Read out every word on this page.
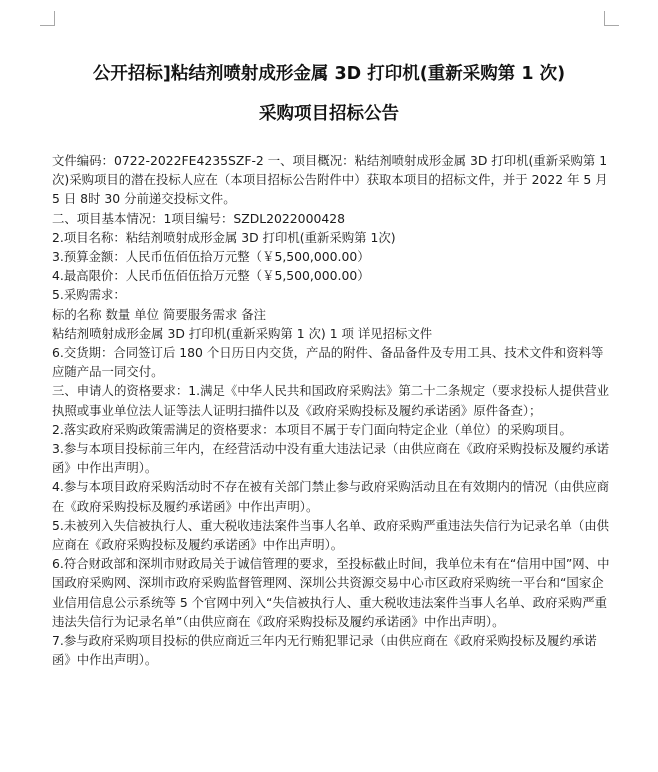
公开招标]粘结剂喷射成形金属 3D 打印机(重新采购第 1 次)
采购项目招标公告

文件编码：0722-2022FE4235SZF-2 一、项目概况：粘结剂喷射成形金属 3D 打印机(重新采购第 1 次)采购项目的潜在投标人应在（本项目招标公告附件中）获取本项目的招标文件，并于 2022 年 5 月 5 日 8时 30 分前递交投标文件。

二、项目基本情况：1项目编号：SZDL2022000428

2.项目名称：粘结剂喷射成形金属 3D 打印机(重新采购第 1次)

3.预算金额：人民币伍佰伍拾万元整（￥5,500,000.00）

4.最高限价：人民币伍佰伍拾万元整（￥5,500,000.00）

5.采购需求：

标的名称 数量 单位 简要服务需求 备注

粘结剂喷射成形金属 3D 打印机(重新采购第 1 次) 1 项 详见招标文件

6.交货期：合同签订后 180 个日历日内交货，产品的附件、备品备件及专用工具、技术文件和资料等应随产品一同交付。

三、申请人的资格要求：1.满足《中华人民共和国政府采购法》第二十二条规定（要求投标人提供营业执照或事业单位法人证等法人证明扫描件以及《政府采购投标及履约承诺函》原件备查）；

2.落实政府采购政策需满足的资格要求：本项目不属于专门面向特定企业（单位）的采购项目。

3.参与本项目投标前三年内，在经营活动中没有重大违法记录（由供应商在《政府采购投标及履约承诺函》中作出声明）。

4.参与本项目政府采购活动时不存在被有关部门禁止参与政府采购活动且在有效期内的情况（由供应商在《政府采购投标及履约承诺函》中作出声明）。

5.未被列入失信被执行人、重大税收违法案件当事人名单、政府采购严重违法失信行为记录名单（由供应商在《政府采购投标及履约承诺函》中作出声明）。

6.符合财政部和深圳市财政局关于诚信管理的要求，至投标截止时间，我单位未有在“信用中国”网、中国政府采购网、深圳市政府采购监督管理网、深圳公共资源交易中心市区政府采购统一平台和“国家企业信用信息公示系统等 5 个官网中列入“失信被执行人、重大税收违法案件当事人名单、政府采购严重违法失信行为记录名单”（由供应商在《政府采购投标及履约承诺函》中作出声明）。

7.参与政府采购项目投标的供应商近三年内无行贿犯罪记录（由供应商在《政府采购投标及履约承诺函》中作出声明）。
